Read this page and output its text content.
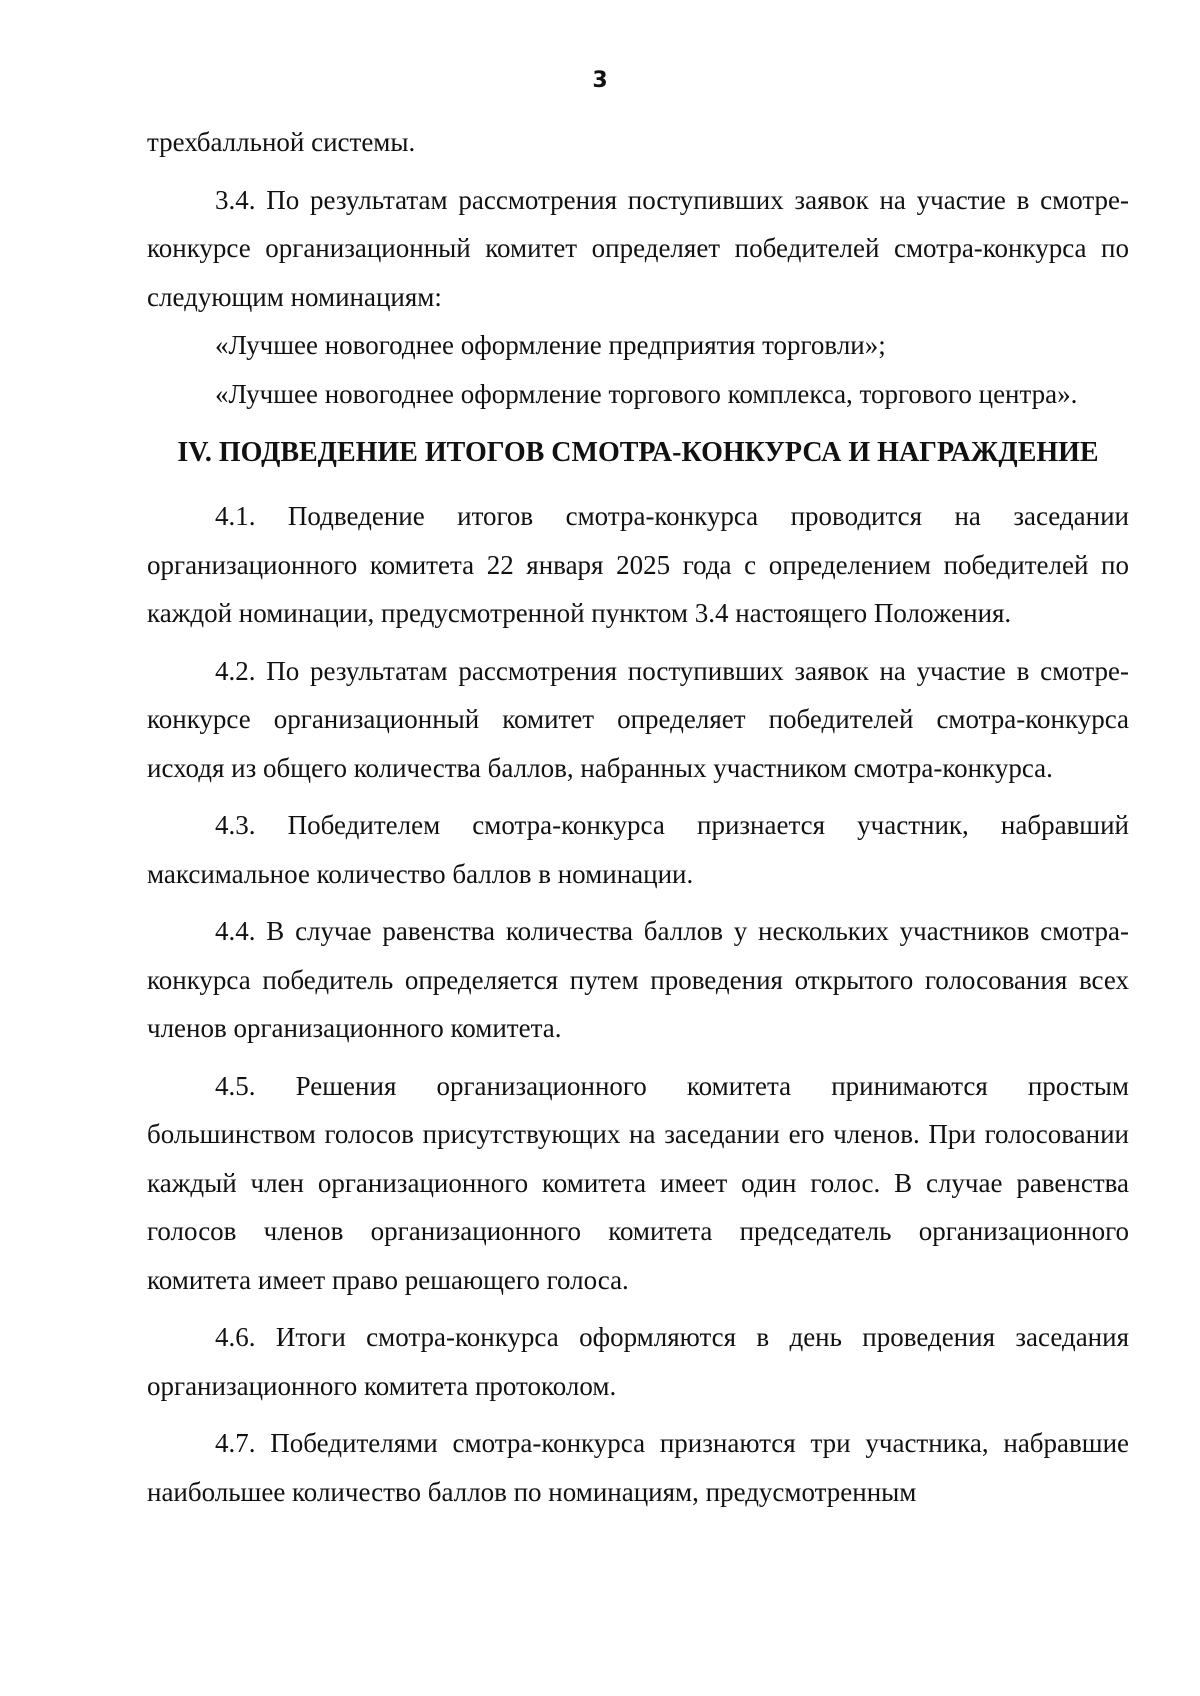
3

трехбалльной системы.

3.4. По результатам рассмотрения поступивших заявок на участие в смотре-конкурсе организационный комитет определяет победителей смотра-конкурса по следующим номинациям:

«Лучшее новогоднее оформление предприятия торговли»;

«Лучшее новогоднее оформление торгового комплекса, торгового центра».

IV. ПОДВЕДЕНИЕ ИТОГОВ СМОТРА-КОНКУРСА И НАГРАЖДЕНИЕ

4.1. Подведение итогов смотра-конкурса проводится на заседании организационного комитета 22 января 2025 года с определением победителей по каждой номинации, предусмотренной пунктом 3.4 настоящего Положения.

4.2. По результатам рассмотрения поступивших заявок на участие в смотре-конкурсе организационный комитет определяет победителей смотра-конкурса исходя из общего количества баллов, набранных участником смотра-конкурса.

4.3. Победителем смотра-конкурса признается участник, набравший максимальное количество баллов в номинации.

4.4. В случае равенства количества баллов у нескольких участников смотра-конкурса победитель определяется путем проведения открытого голосования всех членов организационного комитета.

4.5. Решения организационного комитета принимаются простым большинством голосов присутствующих на заседании его членов. При голосовании каждый член организационного комитета имеет один голос. В случае равенства голосов членов организационного комитета председатель организационного комитета имеет право решающего голоса.

4.6. Итоги смотра-конкурса оформляются в день проведения заседания организационного комитета протоколом.

4.7. Победителями смотра-конкурса признаются три участника, набравшие наибольшее количество баллов по номинациям, предусмотренным
